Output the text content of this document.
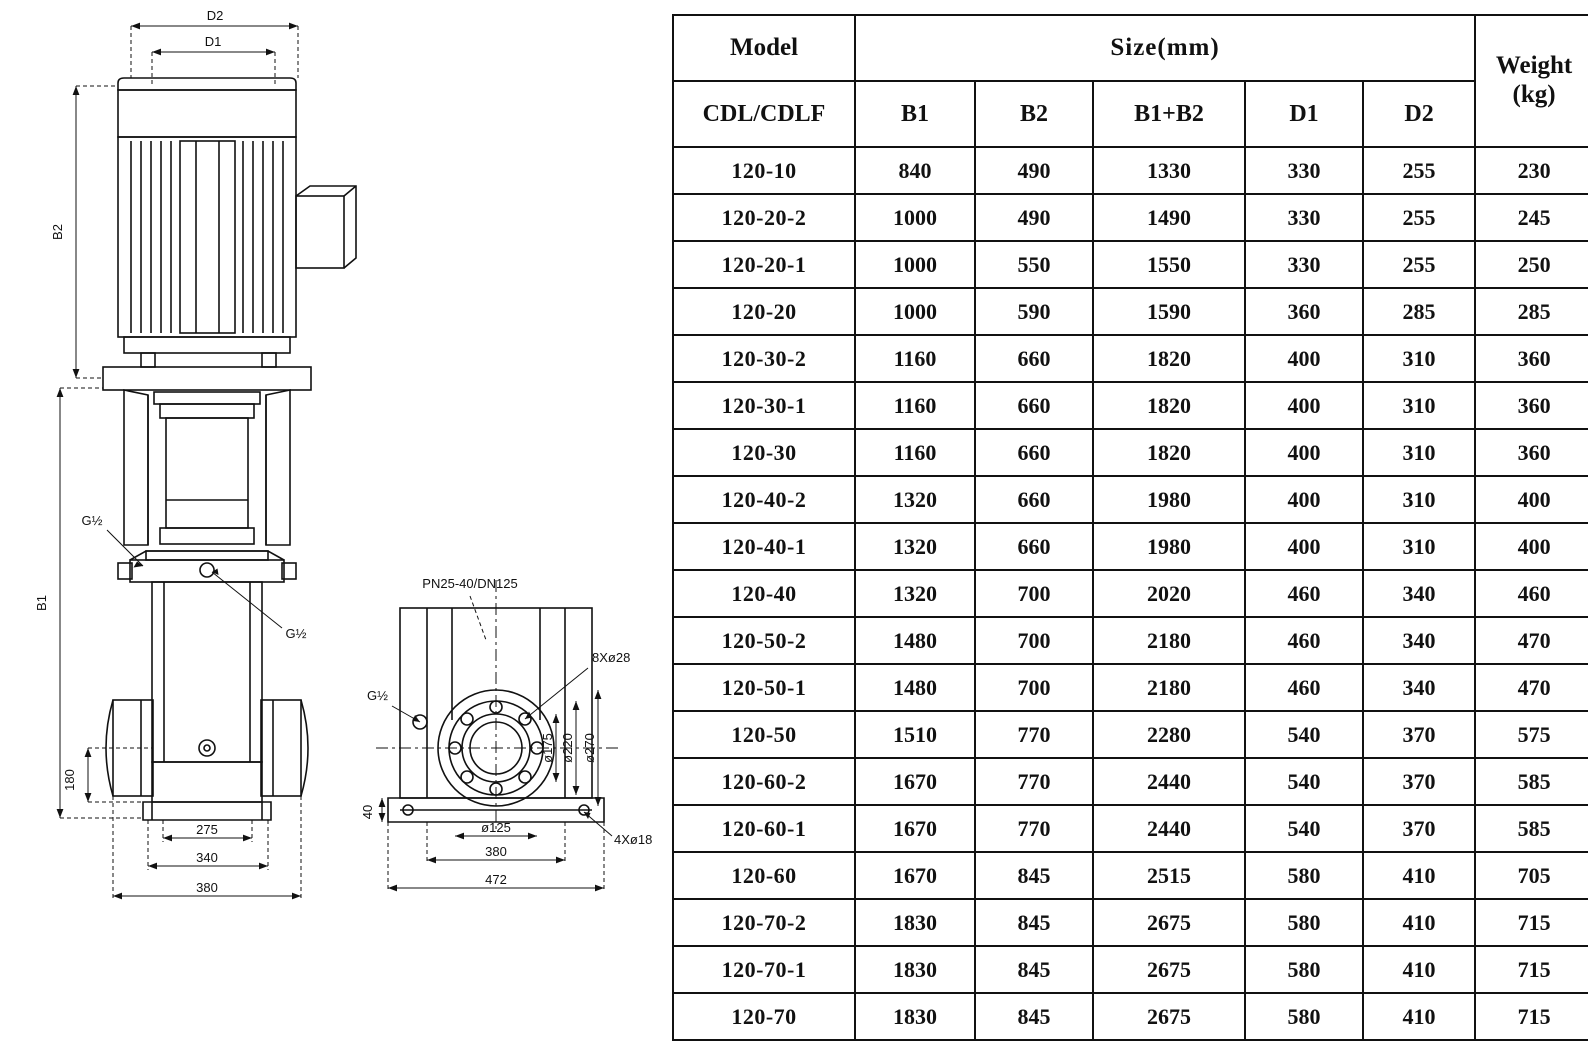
D2
D1
B2
B1
180
275
340
380
G½
G½
PN25-40/DN125
8Xø28
G½
4Xø18
40
ø125
380
472
ø175 ø220 ø270
Model	Size(mm)					Weight
(kg)
CDL/CDLF	B1	B2	B1+B2	D1	D2	
120-10	840	490	1330	330	255	230
120-20-2	1000	490	1490	330	255	245
120-20-1	1000	550	1550	330	255	250
120-20	1000	590	1590	360	285	285
120-30-2	1160	660	1820	400	310	360
120-30-1	1160	660	1820	400	310	360
120-30	1160	660	1820	400	310	360
120-40-2	1320	660	1980	400	310	400
120-40-1	1320	660	1980	400	310	400
120-40	1320	700	2020	460	340	460
120-50-2	1480	700	2180	460	340	470
120-50-1	1480	700	2180	460	340	470
120-50	1510	770	2280	540	370	575
120-60-2	1670	770	2440	540	370	585
120-60-1	1670	770	2440	540	370	585
120-60	1670	845	2515	580	410	705
120-70-2	1830	845	2675	580	410	715
120-70-1	1830	845	2675	580	410	715
120-70	1830	845	2675	580	410	715
